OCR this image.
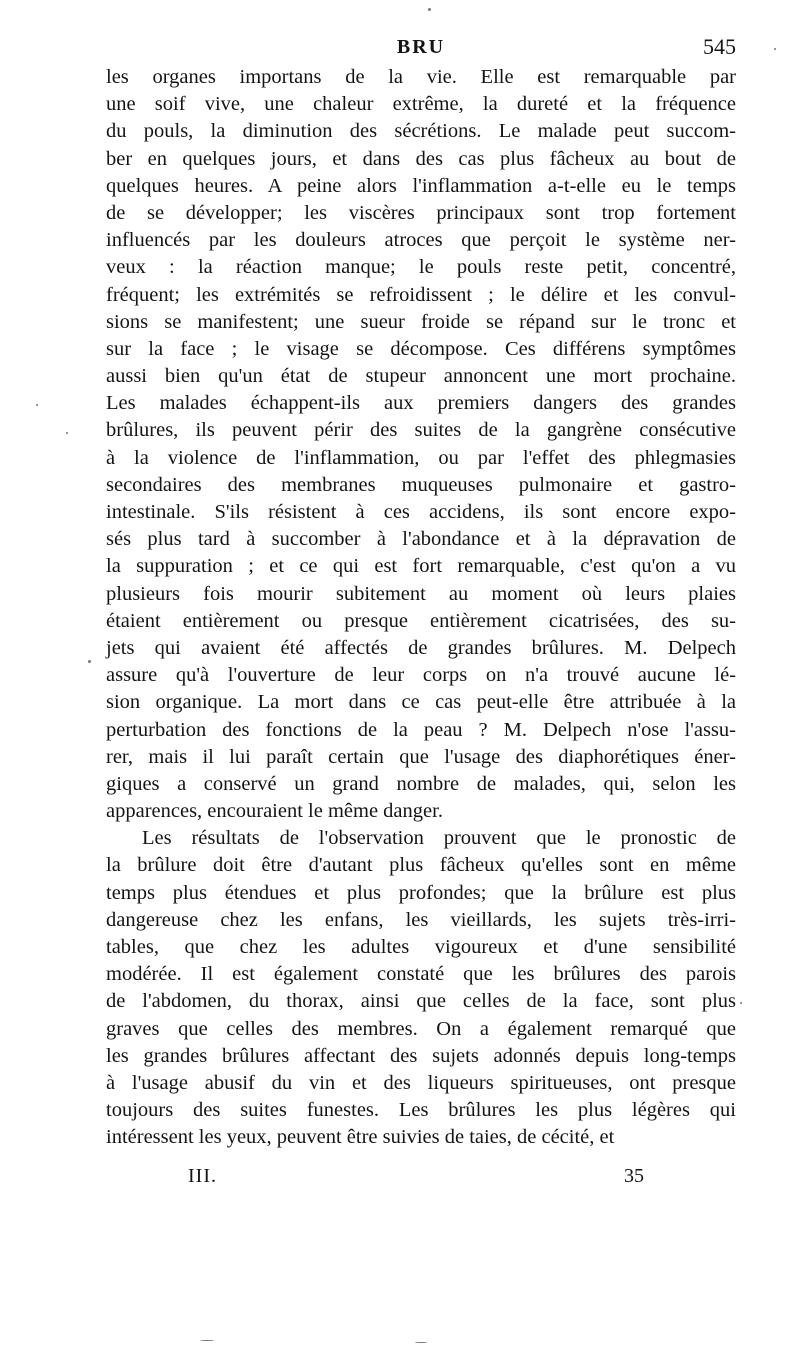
BRU	545
les organes importans de la vie. Elle est remarquable par
une soif vive, une chaleur extrême, la dureté et la fréquence
du pouls, la diminution des sécrétions. Le malade peut succom-
ber en quelques jours, et dans des cas plus fâcheux au bout de
quelques heures. A peine alors l'inflammation a-t-elle eu le temps
de se développer; les viscères principaux sont trop fortement
influencés par les douleurs atroces que perçoit le système ner-
veux : la réaction manque; le pouls reste petit, concentré,
fréquent; les extrémités se refroidissent ; le délire et les convul-
sions se manifestent; une sueur froide se répand sur le tronc et
sur la face ; le visage se décompose. Ces différens symptômes
aussi bien qu'un état de stupeur annoncent une mort prochaine.
Les malades échappent-ils aux premiers dangers des grandes
brûlures, ils peuvent périr des suites de la gangrène consécutive
à la violence de l'inflammation, ou par l'effet des phlegmasies
secondaires des membranes muqueuses pulmonaire et gastro-
intestinale. S'ils résistent à ces accidens, ils sont encore expo-
sés plus tard à succomber à l'abondance et à la dépravation de
la suppuration ; et ce qui est fort remarquable, c'est qu'on a vu
plusieurs fois mourir subitement au moment où leurs plaies
étaient entièrement ou presque entièrement cicatrisées, des su-
jets qui avaient été affectés de grandes brûlures. M. Delpech
assure qu'à l'ouverture de leur corps on n'a trouvé aucune lé-
sion organique. La mort dans ce cas peut-elle être attribuée à la
perturbation des fonctions de la peau ? M. Delpech n'ose l'assu-
rer, mais il lui paraît certain que l'usage des diaphorétiques éner-
giques a conservé un grand nombre de malades, qui, selon les
apparences, encouraient le même danger.
Les résultats de l'observation prouvent que le pronostic de
la brûlure doit être d'autant plus fâcheux qu'elles sont en même
temps plus étendues et plus profondes; que la brûlure est plus
dangereuse chez les enfans, les vieillards, les sujets très-irri-
tables, que chez les adultes vigoureux et d'une sensibilité
modérée. Il est également constaté que les brûlures des parois
de l'abdomen, du thorax, ainsi que celles de la face, sont plus
graves que celles des membres. On a également remarqué que
les grandes brûlures affectant des sujets adonnés depuis long-temps
à l'usage abusif du vin et des liqueurs spiritueuses, ont presque
toujours des suites funestes. Les brûlures les plus légères qui
intéressent les yeux, peuvent être suivies de taies, de cécité, et
III.	35
